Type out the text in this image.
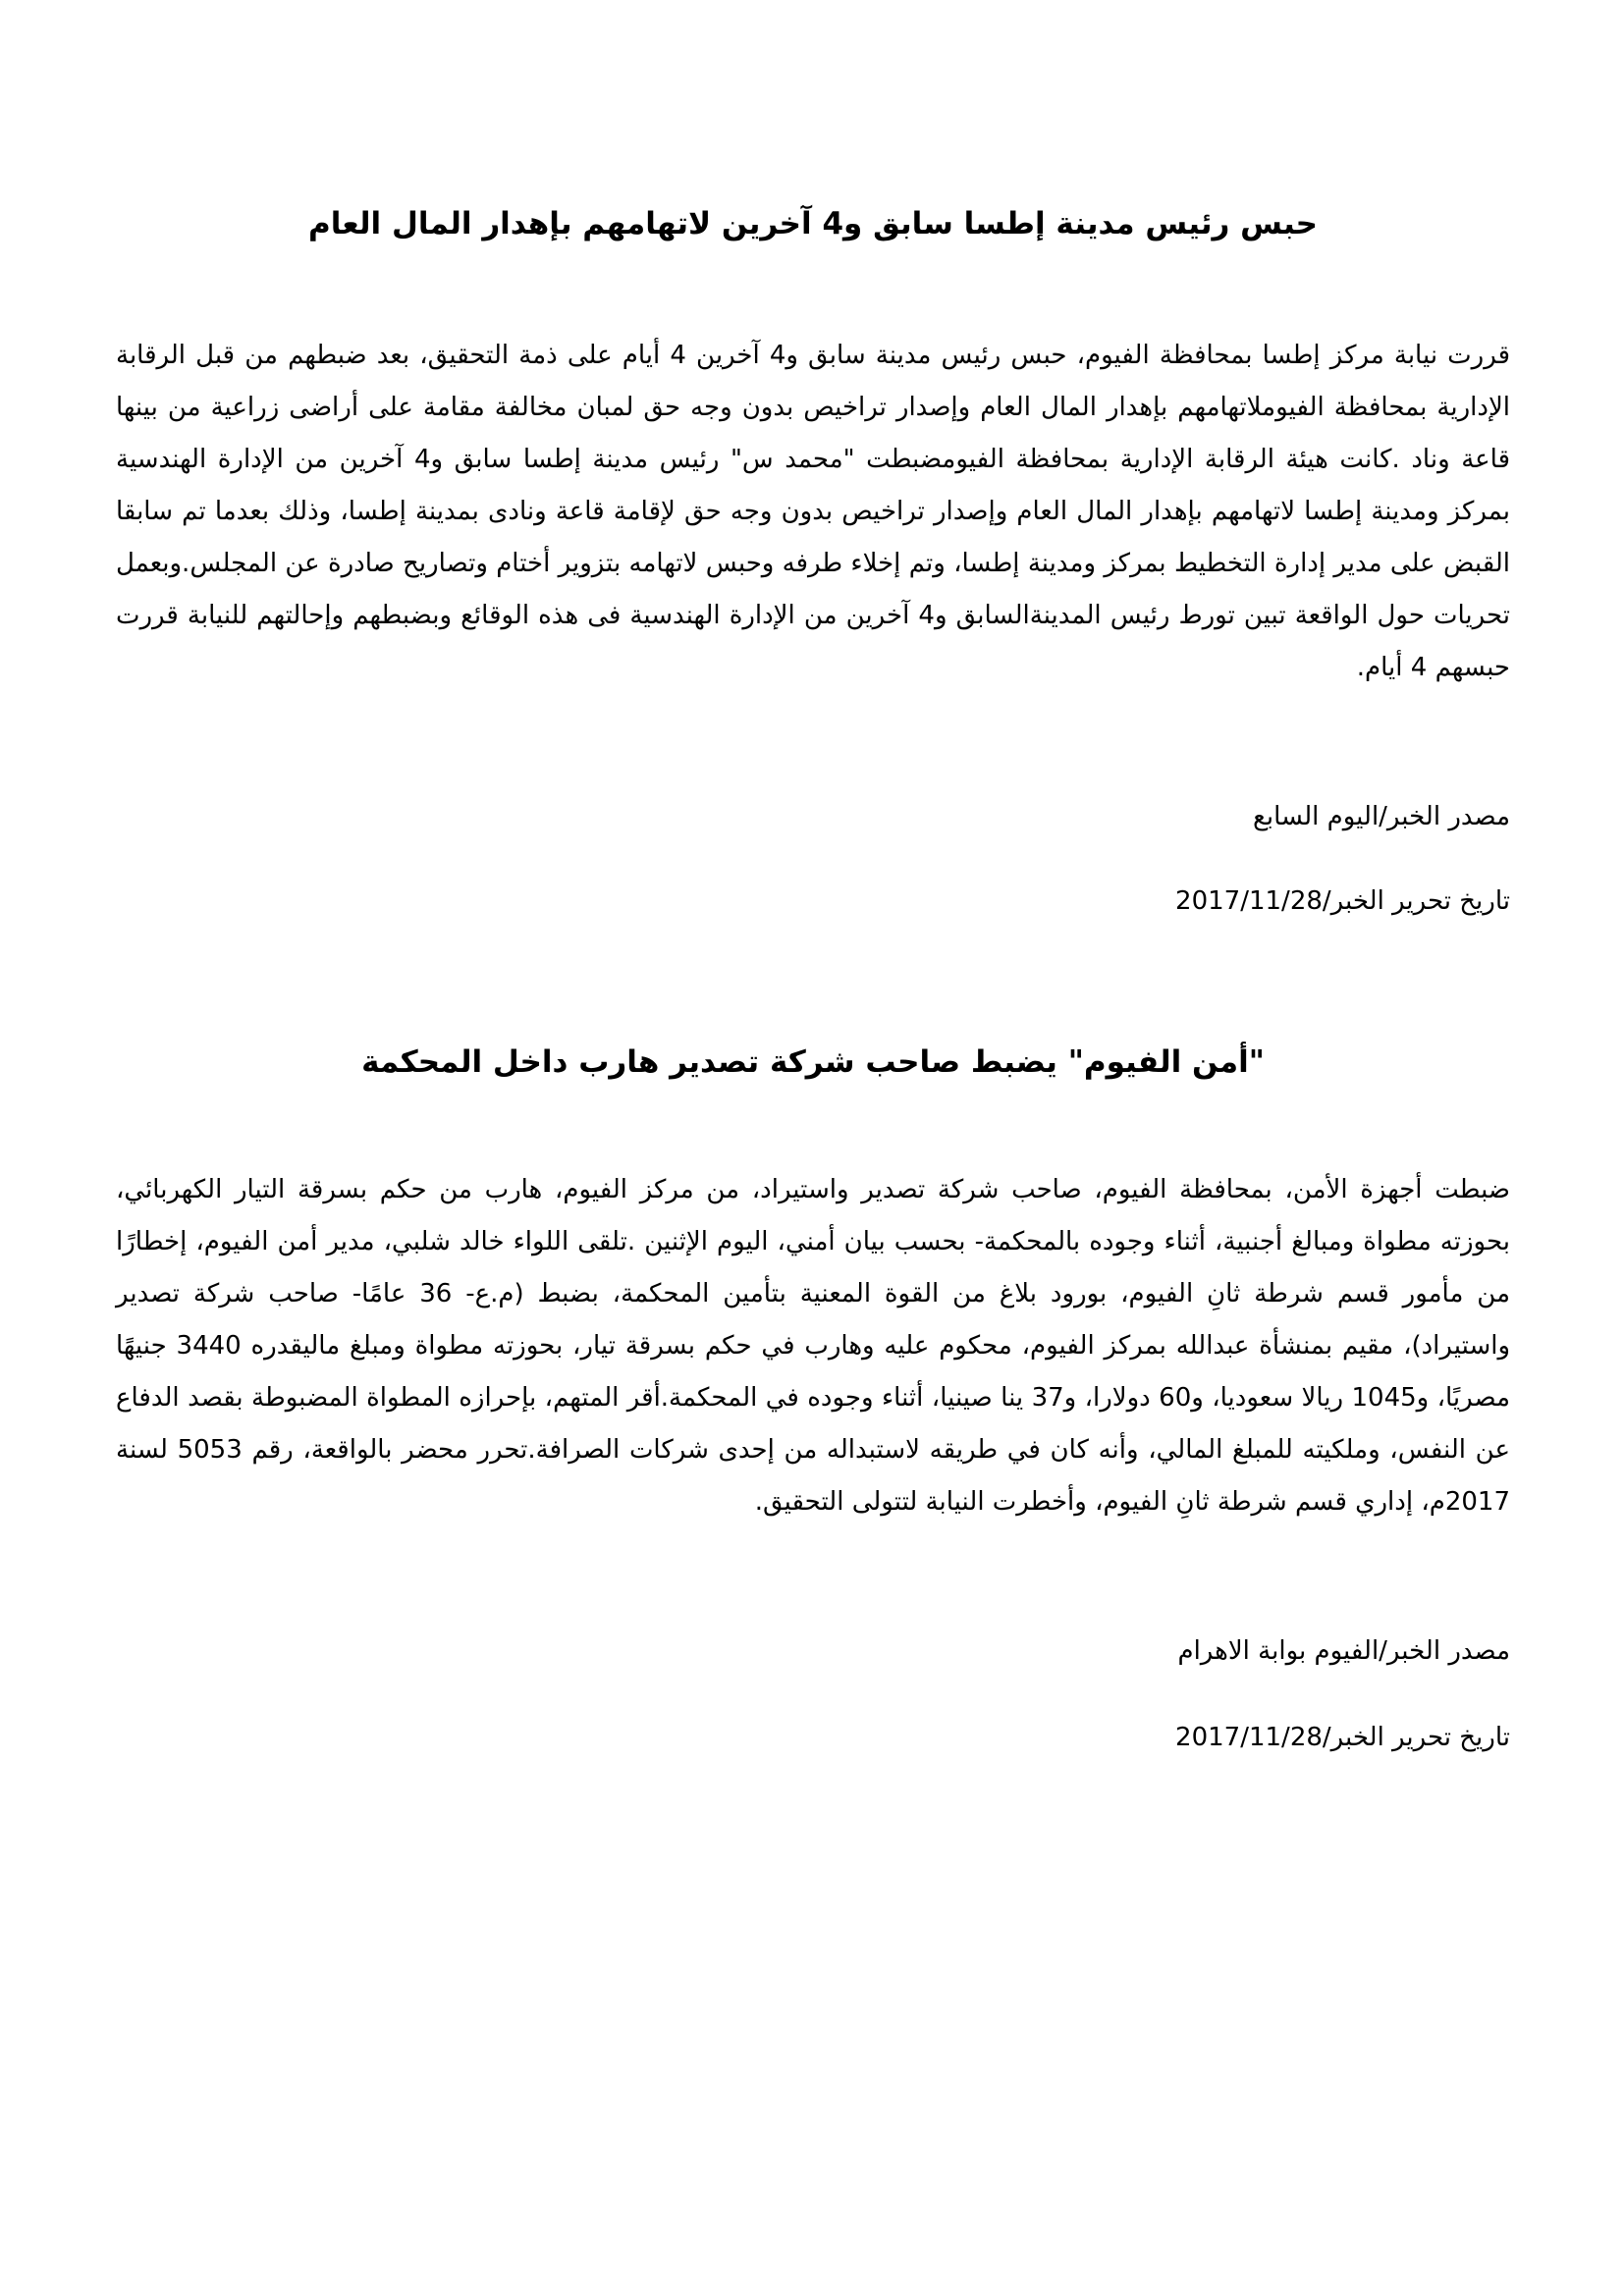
حبس رئيس مدينة إطسا سابق و4 آخرين لاتهامهم بإهدار المال العام

قررت نيابة مركز إطسا بمحافظة الفيوم، حبس رئيس مدينة سابق و4 آخرين 4 أيام على ذمة التحقيق، بعد ضبطهم من قبل الرقابة الإدارية بمحافظة الفيوملاتهامهم بإهدار المال العام وإصدار تراخيص بدون وجه حق لمبان مخالفة مقامة على أراضى زراعية من بينها قاعة وناد .كانت هيئة الرقابة الإدارية بمحافظة الفيومضبطت "محمد س" رئيس مدينة إطسا سابق و4 آخرين من الإدارة الهندسية بمركز ومدينة إطسا لاتهامهم بإهدار المال العام وإصدار تراخيص بدون وجه حق لإقامة قاعة ونادى بمدينة إطسا، وذلك بعدما تم سابقا القبض على مدير إدارة التخطيط بمركز ومدينة إطسا، وتم إخلاء طرفه وحبس لاتهامه بتزوير أختام وتصاريح صادرة عن المجلس.وبعمل تحريات حول الواقعة تبين تورط رئيس المدينةالسابق و4 آخرين من الإدارة الهندسية فى هذه الوقائع وبضبطهم وإحالتهم للنيابة قررت حبسهم 4 أيام.

مصدر الخبر/اليوم السابع

تاريخ تحرير الخبر/2017/11/28

"أمن الفيوم" يضبط صاحب شركة تصدير هارب داخل المحكمة

ضبطت أجهزة الأمن، بمحافظة الفيوم، صاحب شركة تصدير واستيراد، من مركز الفيوم، هارب من حكم بسرقة التيار الكهربائي، بحوزته مطواة ومبالغ أجنبية، أثناء وجوده بالمحكمة- بحسب بيان أمني، اليوم الإثنين .تلقى اللواء خالد شلبي، مدير أمن الفيوم، إخطارًا من مأمور قسم شرطة ثانِ الفيوم، بورود بلاغ من القوة المعنية بتأمين المحكمة، بضبط (م.ع- 36 عامًا- صاحب شركة تصدير واستيراد)، مقيم بمنشأة عبدالله بمركز الفيوم، محكوم عليه وهارب في حكم بسرقة تيار، بحوزته مطواة ومبلغ ماليقدره 3440 جنيهًا مصريًا، و1045 ريالا سعوديا، و60 دولارا، و37 ينا صينيا، أثناء وجوده في المحكمة.أقر المتهم، بإحرازه المطواة المضبوطة بقصد الدفاع عن النفس، وملكيته للمبلغ المالي، وأنه كان في طريقه لاستبداله من إحدى شركات الصرافة.تحرر محضر بالواقعة، رقم 5053 لسنة 2017م، إداري قسم شرطة ثانِ الفيوم، وأخطرت النيابة لتتولى التحقيق.

مصدر الخبر/الفيوم بوابة الاهرام

تاريخ تحرير الخبر/2017/11/28
